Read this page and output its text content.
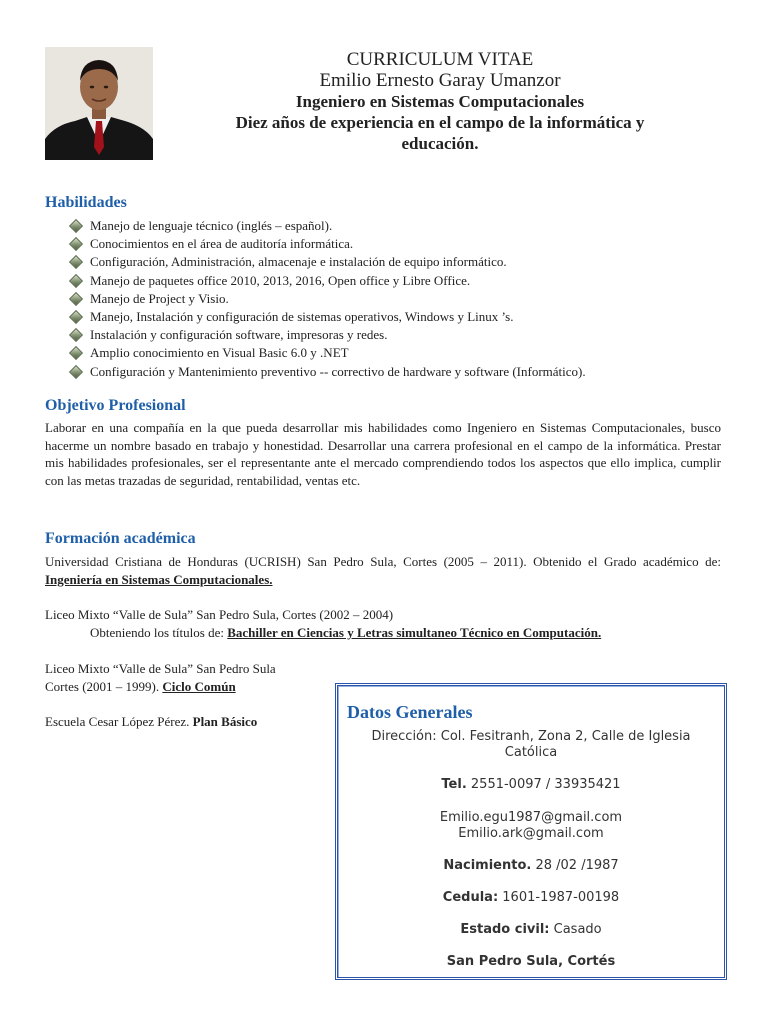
CURRICULUM VITAE
Emilio Ernesto Garay Umanzor
Ingeniero en Sistemas Computacionales
Diez años de experiencia en el campo de la informática y
educación.
Habilidades
Manejo de lenguaje técnico (inglés – español).
Conocimientos en el área de auditoría informática.
Configuración, Administración, almacenaje e instalación de equipo informático.
Manejo de paquetes office 2010, 2013, 2016, Open office y Libre Office.
Manejo de Project y Visio.
Manejo, Instalación y configuración de sistemas operativos, Windows y Linux ’s.
Instalación y configuración software, impresoras y redes.
Amplio conocimiento en Visual Basic 6.0 y .NET
Configuración y Mantenimiento preventivo -- correctivo de hardware y software (Informático).
Objetivo Profesional
Laborar en una compañía en la que pueda desarrollar mis habilidades como Ingeniero en Sistemas Computacionales, busco hacerme un nombre basado en trabajo y honestidad. Desarrollar una carrera profesional en el campo de la informática. Prestar mis habilidades profesionales, ser el representante ante el mercado comprendiendo todos los aspectos que ello implica, cumplir con las metas trazadas de seguridad, rentabilidad, ventas etc.
Formación académica
Universidad Cristiana de Honduras (UCRISH) San Pedro Sula, Cortes (2005 – 2011). Obtenido el Grado académico de: Ingeniería en Sistemas Computacionales.
Liceo Mixto “Valle de Sula” San Pedro Sula, Cortes (2002 – 2004)
Obteniendo los títulos de: Bachiller en Ciencias y Letras simultaneo Técnico en Computación.
Liceo Mixto “Valle de Sula” San Pedro Sula
Cortes (2001 – 1999). Ciclo Común
Escuela Cesar López Pérez. Plan Básico	Datos Generales
Dirección: Col. Fesitranh, Zona 2, Calle de Iglesia
Católica
Tel. 2551-0097 / 33935421
Emilio.egu1987@gmail.com
Emilio.ark@gmail.com
Nacimiento. 28 /02 /1987
Cedula: 1601-1987-00198
Estado civil: Casado
San Pedro Sula, Cortés
